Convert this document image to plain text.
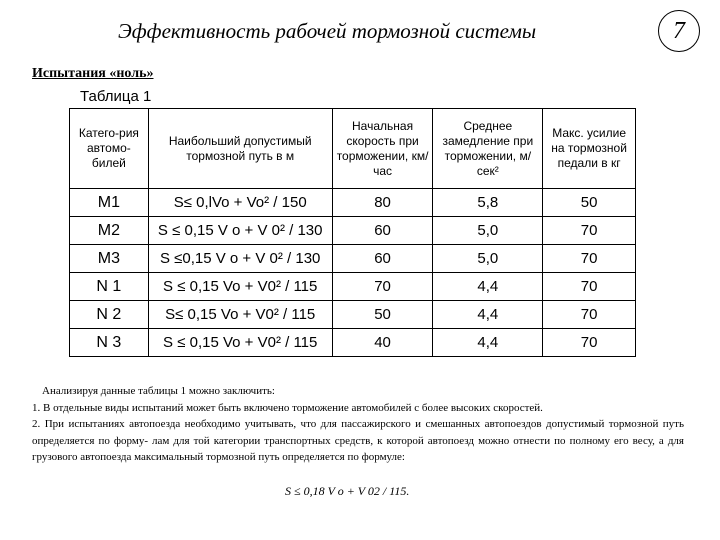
Эффективность рабочей тормозной системы	7
Испытания «ноль»
Таблица 1
Катего-рия автомо-билей	Наибольший допустимый тормозной путь в м	Начальная скорость при торможении, км/час	Среднее замедление при торможении, м/сек²	Макс. усилие на тормозной педали в кг
М1	S≤ 0,lVo + Vo² / 150	80	5,8	50
М2	S ≤ 0,15 V o + V 0² / 130	60	5,0	70
М3	S ≤0,15 V o + V 0² / 130	60	5,0	70
N 1	S ≤ 0,15 Vo + V0² / 115	70	4,4	70
N 2	S≤ 0,15 Vo + V0² / 115	50	4,4	70
N 3	S ≤ 0,15 Vo + V0² / 115	40	4,4	70

Анализируя данные таблицы 1 можно заключить:

1. В отдельные виды испытаний может быть включено торможение автомобилей с более высоких скоростей.

2. При испытаниях автопоезда необходимо учитывать, что для пассажирского и смешанных автопоездов допустимый тормозной путь определяется по форму- лам для той категории транспортных средств, к которой автопоезд можно отнести по полному его весу, а для грузового автопоезда максимальный тормозной путь определяется по формуле:

S ≤ 0,18 V o + V 02 / 115.
